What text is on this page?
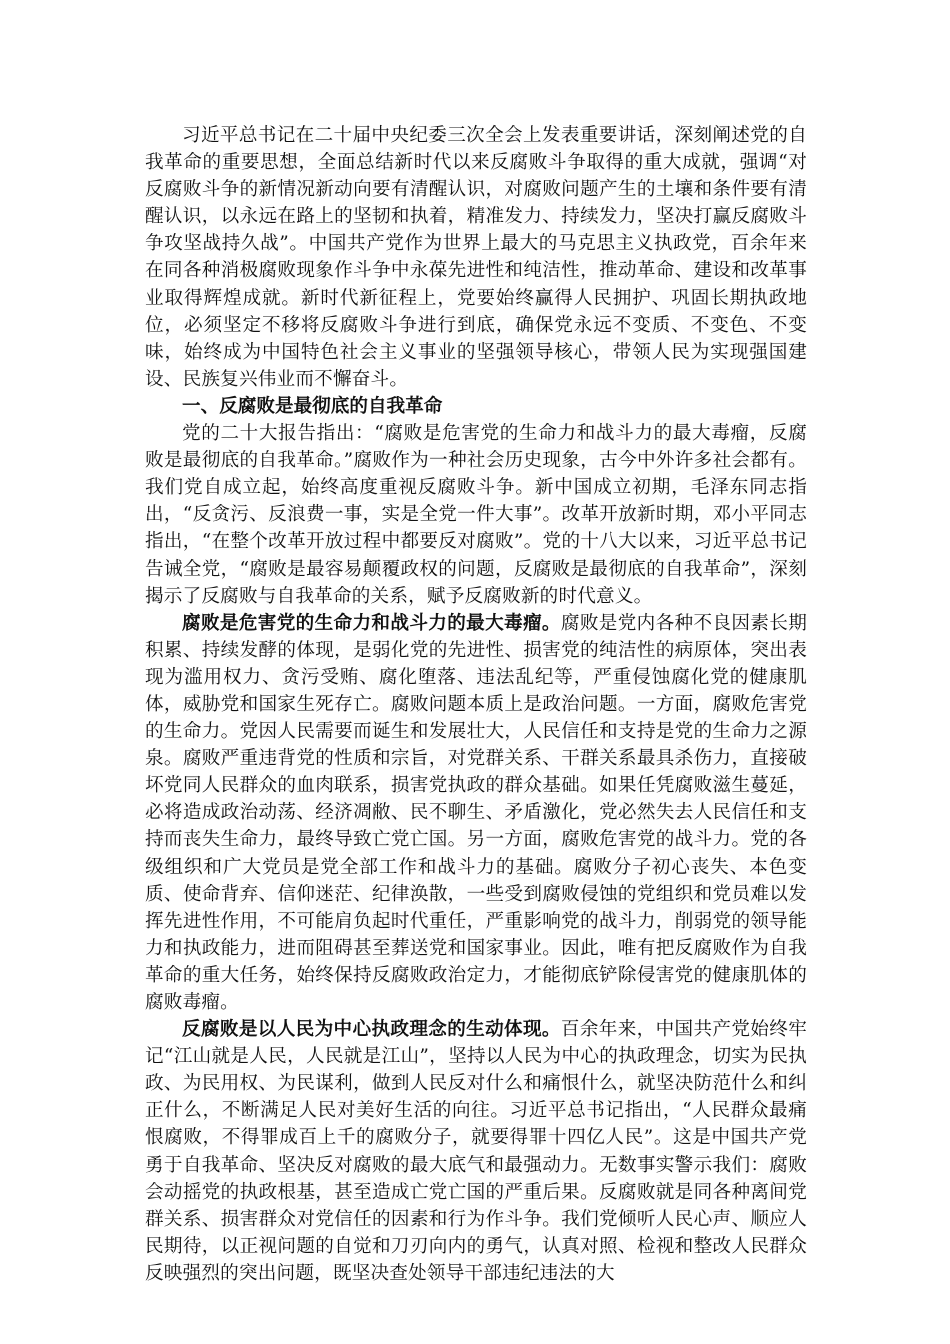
习近平总书记在二十届中央纪委三次全会上发表重要讲话，深刻阐述党的自我革命的重要思想，全面总结新时代以来反腐败斗争取得的重大成就，强调“对反腐败斗争的新情况新动向要有清醒认识，对腐败问题产生的土壤和条件要有清醒认识，以永远在路上的坚韧和执着，精准发力、持续发力，坚决打赢反腐败斗争攻坚战持久战”。中国共产党作为世界上最大的马克思主义执政党，百余年来在同各种消极腐败现象作斗争中永葆先进性和纯洁性，推动革命、建设和改革事业取得辉煌成就。新时代新征程上，党要始终赢得人民拥护、巩固长期执政地位，必须坚定不移将反腐败斗争进行到底，确保党永远不变质、不变色、不变味，始终成为中国特色社会主义事业的坚强领导核心，带领人民为实现强国建设、民族复兴伟业而不懈奋斗。

一、反腐败是最彻底的自我革命

党的二十大报告指出：“腐败是危害党的生命力和战斗力的最大毒瘤，反腐败是最彻底的自我革命。”腐败作为一种社会历史现象，古今中外许多社会都有。我们党自成立起，始终高度重视反腐败斗争。新中国成立初期，毛泽东同志指出，“反贪污、反浪费一事，实是全党一件大事”。改革开放新时期，邓小平同志指出，“在整个改革开放过程中都要反对腐败”。党的十八大以来，习近平总书记告诫全党，“腐败是最容易颠覆政权的问题，反腐败是最彻底的自我革命”，深刻揭示了反腐败与自我革命的关系，赋予反腐败新的时代意义。

腐败是危害党的生命力和战斗力的最大毒瘤。腐败是党内各种不良因素长期积累、持续发酵的体现，是弱化党的先进性、损害党的纯洁性的病原体，突出表现为滥用权力、贪污受贿、腐化堕落、违法乱纪等，严重侵蚀腐化党的健康肌体，威胁党和国家生死存亡。腐败问题本质上是政治问题。一方面，腐败危害党的生命力。党因人民需要而诞生和发展壮大，人民信任和支持是党的生命力之源泉。腐败严重违背党的性质和宗旨，对党群关系、干群关系最具杀伤力，直接破坏党同人民群众的血肉联系，损害党执政的群众基础。如果任凭腐败滋生蔓延，必将造成政治动荡、经济凋敝、民不聊生、矛盾激化，党必然失去人民信任和支持而丧失生命力，最终导致亡党亡国。另一方面，腐败危害党的战斗力。党的各级组织和广大党员是党全部工作和战斗力的基础。腐败分子初心丧失、本色变质、使命背弃、信仰迷茫、纪律涣散，一些受到腐败侵蚀的党组织和党员难以发挥先进性作用，不可能肩负起时代重任，严重影响党的战斗力，削弱党的领导能力和执政能力，进而阻碍甚至葬送党和国家事业。因此，唯有把反腐败作为自我革命的重大任务，始终保持反腐败政治定力，才能彻底铲除侵害党的健康肌体的腐败毒瘤。

反腐败是以人民为中心执政理念的生动体现。百余年来，中国共产党始终牢记“江山就是人民，人民就是江山”，坚持以人民为中心的执政理念，切实为民执政、为民用权、为民谋利，做到人民反对什么和痛恨什么，就坚决防范什么和纠正什么，不断满足人民对美好生活的向往。习近平总书记指出，“人民群众最痛恨腐败，不得罪成百上千的腐败分子，就要得罪十四亿人民”。这是中国共产党勇于自我革命、坚决反对腐败的最大底气和最强动力。无数事实警示我们：腐败会动摇党的执政根基，甚至造成亡党亡国的严重后果。反腐败就是同各种离间党群关系、损害群众对党信任的因素和行为作斗争。我们党倾听人民心声、顺应人民期待，以正视问题的自觉和刀刃向内的勇气，认真对照、检视和整改人民群众反映强烈的突出问题，既坚决查处领导干部违纪违法的大
